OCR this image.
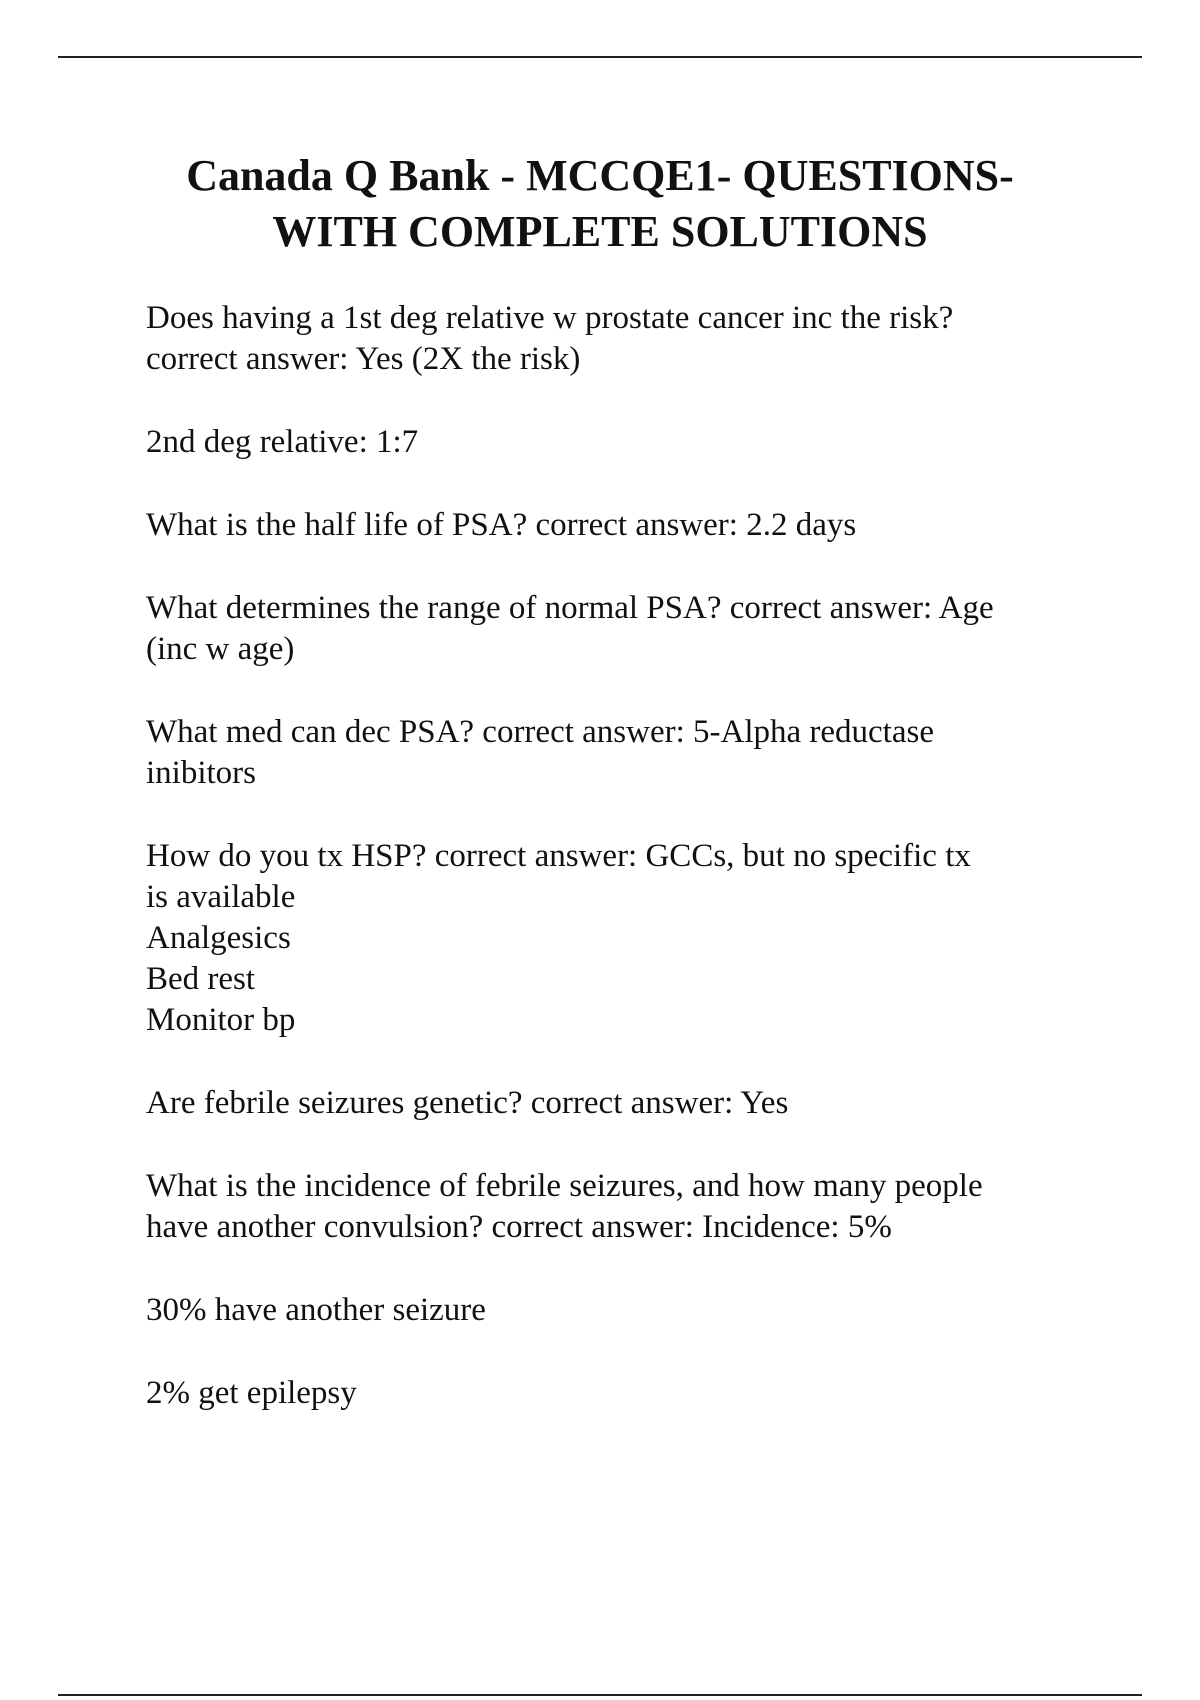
Canada Q Bank - MCCQE1- QUESTIONS-
WITH COMPLETE SOLUTIONS

Does having a 1st deg relative w prostate cancer inc the risk?
correct answer: Yes (2X the risk)

2nd deg relative: 1:7

What is the half life of PSA? correct answer: 2.2 days

What determines the range of normal PSA? correct answer: Age
(inc w age)

What med can dec PSA? correct answer: 5-Alpha reductase
inibitors

How do you tx HSP? correct answer: GCCs, but no specific tx
is available
Analgesics
Bed rest
Monitor bp

Are febrile seizures genetic? correct answer: Yes

What is the incidence of febrile seizures, and how many people
have another convulsion? correct answer: Incidence: 5%

30% have another seizure

2% get epilepsy
